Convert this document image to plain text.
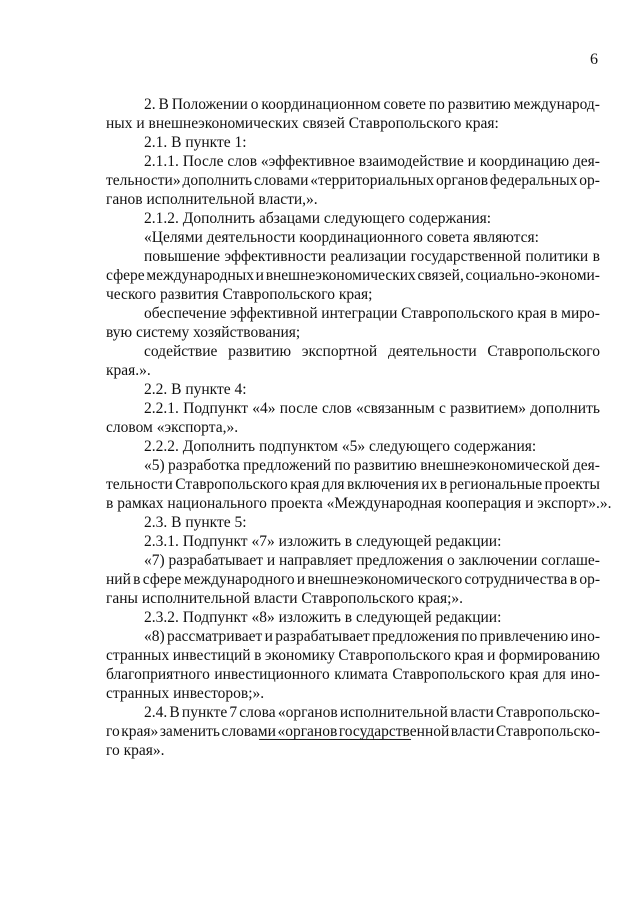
6
2. В Положении о координационном совете по развитию международ-
ных и внешнеэкономических связей Ставропольского края:
2.1. В пункте 1:
2.1.1. После слов «эффективное взаимодействие и координацию дея-
тельности» дополнить словами «территориальных органов федеральных ор-
ганов исполнительной власти,».
2.1.2. Дополнить абзацами следующего содержания:
«Целями деятельности координационного совета являются:
повышение эффективности реализации государственной политики в
сфере международных и внешнеэкономических связей, социально-экономи-
ческого развития Ставропольского края;
обеспечение эффективной интеграции Ставропольского края в миро-
вую систему хозяйствования;
содействие развитию экспортной деятельности Ставропольского
края.».
2.2. В пункте 4:
2.2.1. Подпункт «4» после слов «связанным с развитием» дополнить
словом «экспорта,».
2.2.2. Дополнить подпунктом «5» следующего содержания:
«5) разработка предложений по развитию внешнеэкономической дея-
тельности Ставропольского края для включения их в региональные проекты
в рамках национального проекта «Международная кооперация и экспорт».».
2.3. В пункте 5:
2.3.1. Подпункт «7» изложить в следующей редакции:
«7) разрабатывает и направляет предложения о заключении соглаше-
ний в сфере международного и внешнеэкономического сотрудничества в ор-
ганы исполнительной власти Ставропольского края;».
2.3.2. Подпункт «8» изложить в следующей редакции:
«8) рассматривает и разрабатывает предложения по привлечению ино-
странных инвестиций в экономику Ставропольского края и формированию
благоприятного инвестиционного климата Ставропольского края для ино-
странных инвесторов;».
2.4. В пункте 7 слова «органов исполнительной власти Ставропольско-
го края» заменить словами «органов государственной власти Ставропольско-
го края».
